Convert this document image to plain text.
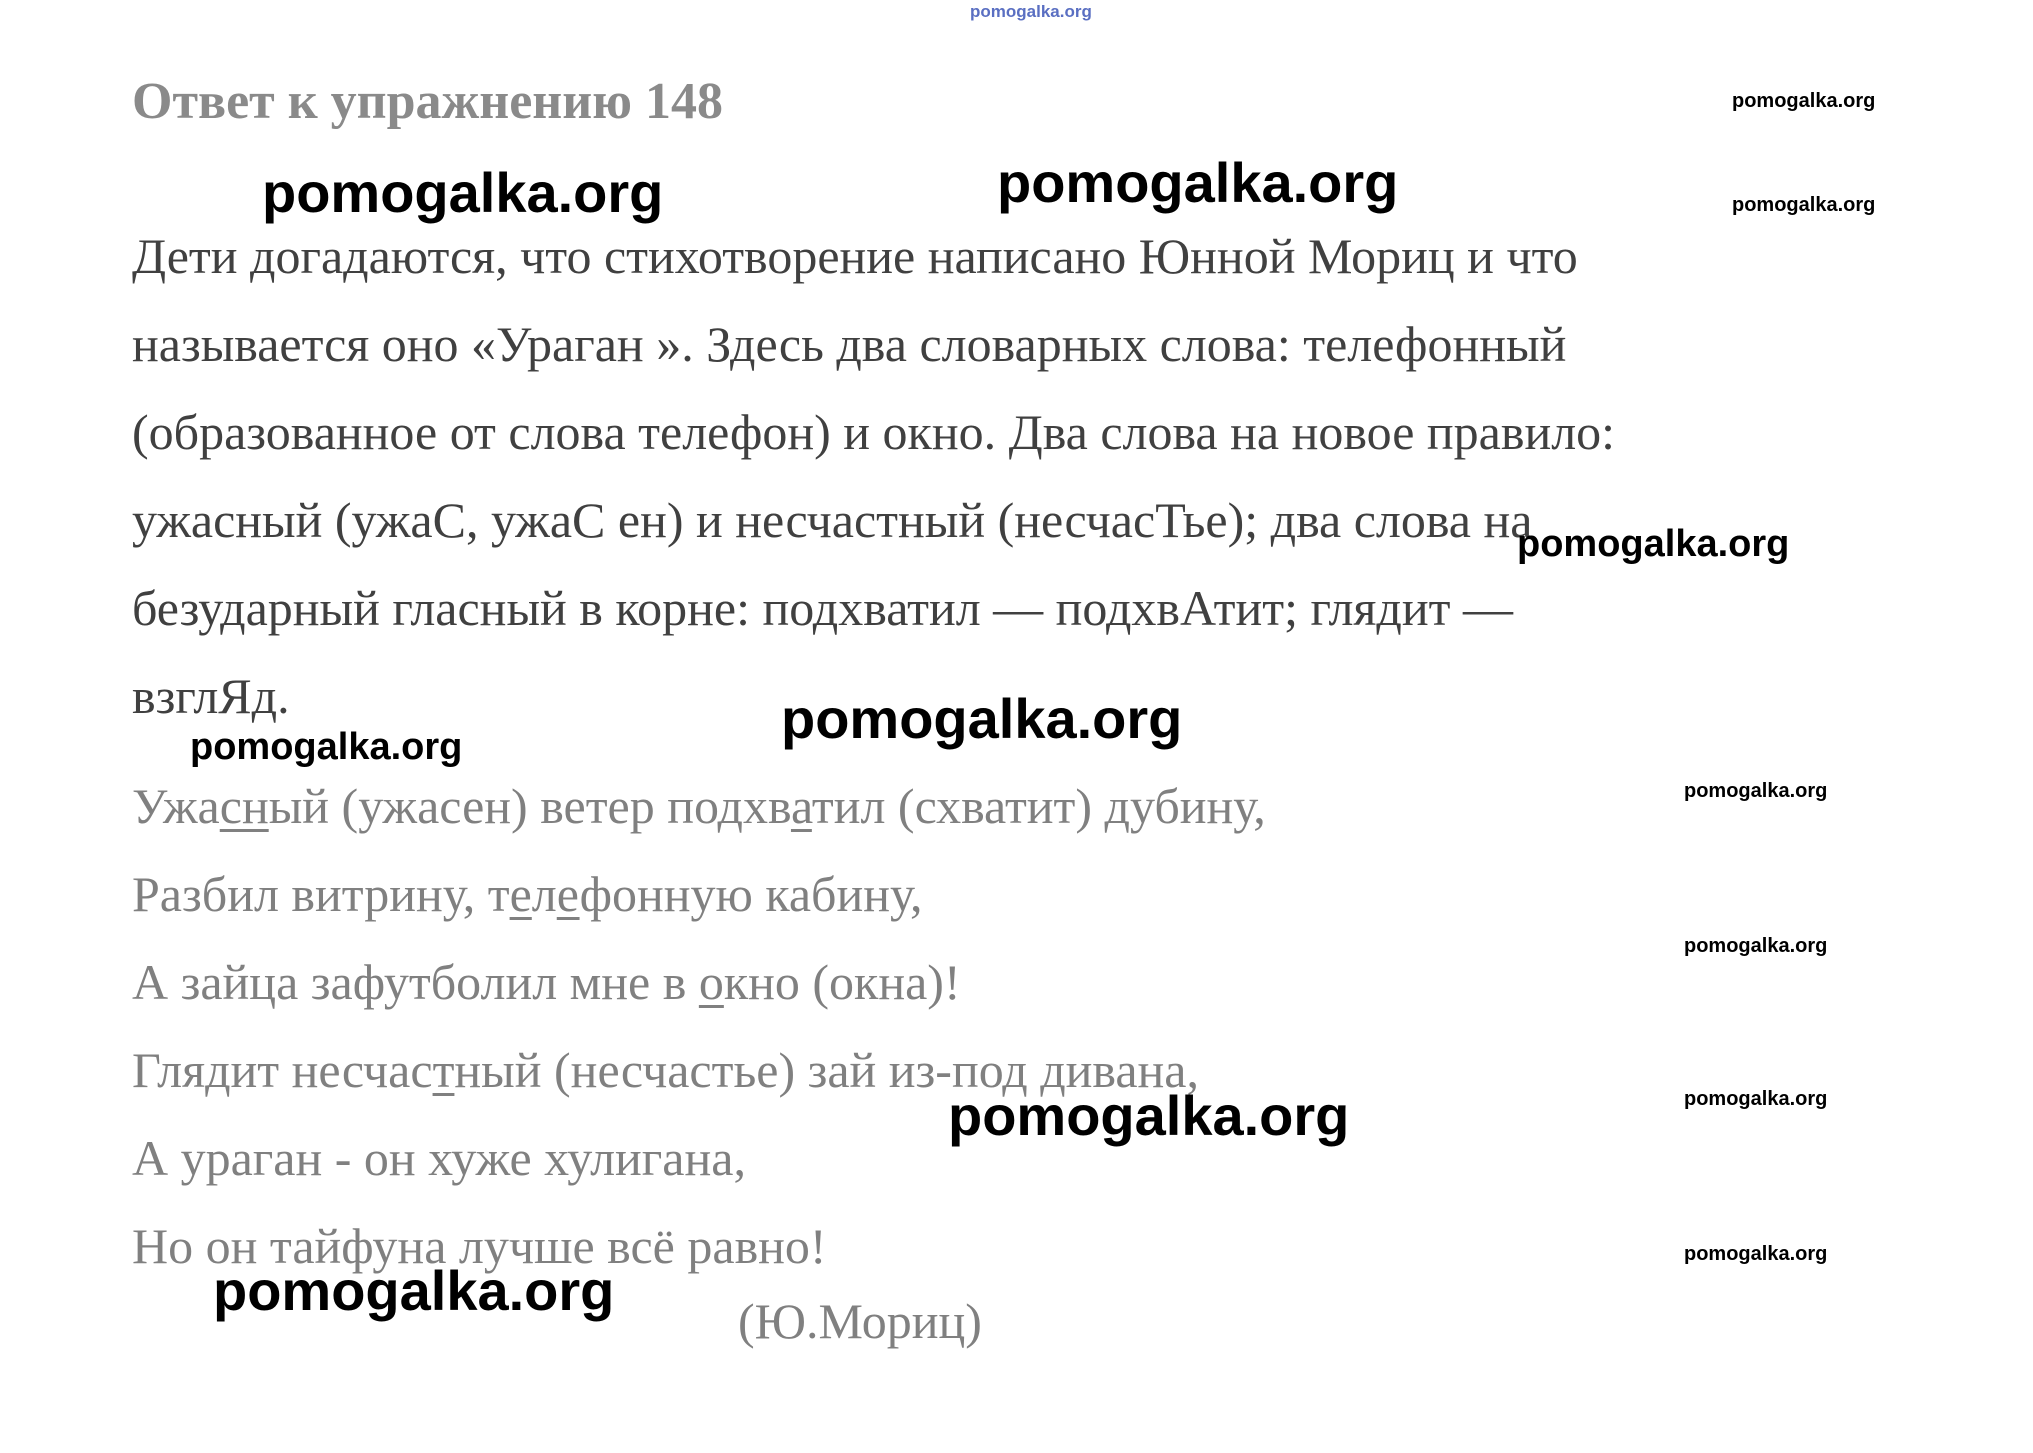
pomogalka.org
Ответ к упражнению 148
Дети догадаются, что стихотворение написано Юнной Мориц и что
называется оно «Ураган ». Здесь два словарных слова: телефонный
(образованное от слова телефон) и окно. Два слова на новое правило:
ужасный (ужаС, ужаС ен) и несчастный (несчасТье); два слова на
безударный гласный в корне: подхватил — подхвАтит; глядит —
взглЯд.
Ужасный (ужасен) ветер подхватил (схватит) дубину,
Разбил витрину, телефонную кабину,
А зайца зафутболил мне в окно (окна)!
Глядит несчастный (несчастье) зай из-под дивана,
А ураган - он хуже хулигана,
Но он тайфуна лучше всё равно!
(Ю.Мориц)
pomogalka.org	pomogalka.org
pomogalka.org
pomogalka.org
pomogalka.org
pomogalka.org
pomogalka.org
pomogalka.org
pomogalka.org
pomogalka.org
pomogalka.org
pomogalka.org
pomogalka.org
